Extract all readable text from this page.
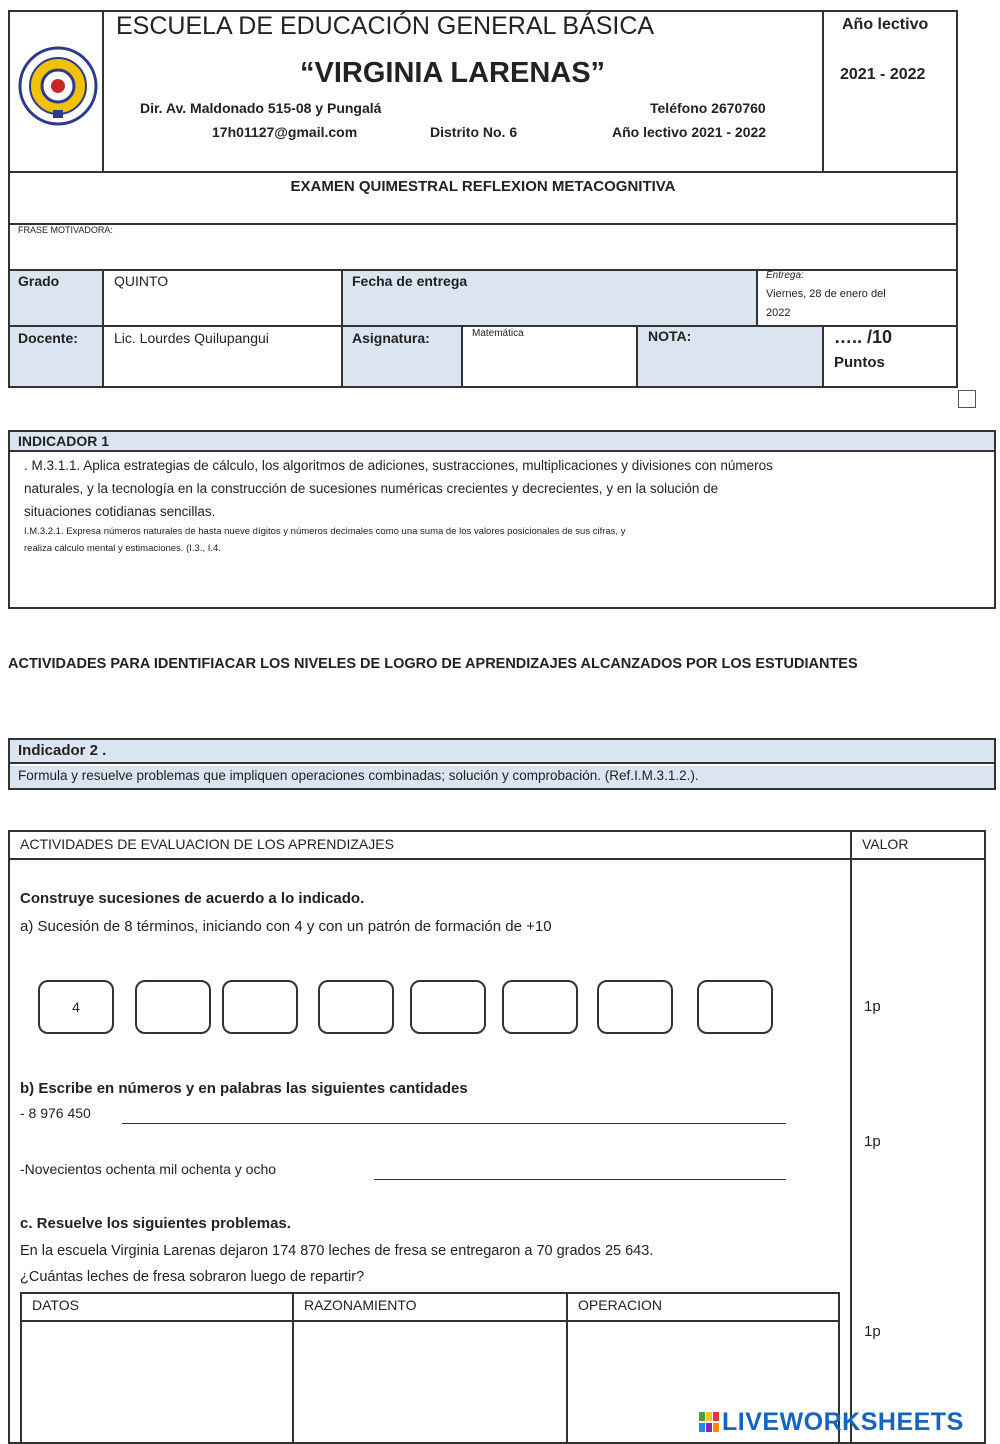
ESCUELA DE EDUCACIÓN GENERAL BÁSICA
“VIRGINIA LARENAS”
Dir. Av. Maldonado 515-08 y Pungalá	Teléfono 2670760
17h01127@gmail.com	Distrito No. 6	Año lectivo 2021 - 2022
Año lectivo
2021 - 2022
EXAMEN QUIMESTRAL REFLEXION METACOGNITIVA
FRASE MOTIVADORA:
Grado	QUINTO	Fecha de entrega	Entrega:
Viernes, 28 de enero del
2022
Docente:	Lic. Lourdes Quilupangui	Asignatura:	Matemática	NOTA:	….. /10
Puntos
INDICADOR 1
. M.3.1.1. Aplica estrategias de cálculo, los algoritmos de adiciones, sustracciones, multiplicaciones y divisiones con números
naturales, y la tecnología en la construcción de sucesiones numéricas crecientes y decrecientes, y en la solución de
situaciones cotidianas sencillas.
I.M.3.2.1. Expresa números naturales de hasta nueve dígitos y números decimales como una suma de los valores posicionales de sus cifras, y
realiza cálculo mental y estimaciones. (I.3., I.4.
ACTIVIDADES PARA IDENTIFIACAR LOS NIVELES DE LOGRO DE APRENDIZAJES ALCANZADOS POR LOS ESTUDIANTES
Indicador 2 .
Formula y resuelve problemas que impliquen operaciones combinadas; solución y comprobación. (Ref.I.M.3.1.2.).
ACTIVIDADES DE EVALUACION DE LOS APRENDIZAJES	VALOR
Construye sucesiones de acuerdo a lo indicado.
a) Sucesión de 8 términos, iniciando con 4 y con un patrón de formación de +10
4	1p
b) Escribe en números y en palabras las siguientes cantidades
- 8 976 450
-Novecientos ochenta mil ochenta y ocho
1p
c. Resuelve los siguientes problemas.
En la escuela Virginia Larenas dejaron 174 870 leches de fresa se entregaron a 70 grados 25 643.
¿Cuántas leches de fresa sobraron luego de repartir?
DATOS	RAZONAMIENTO	OPERACION
1p
LIVEWORKSHEETS
